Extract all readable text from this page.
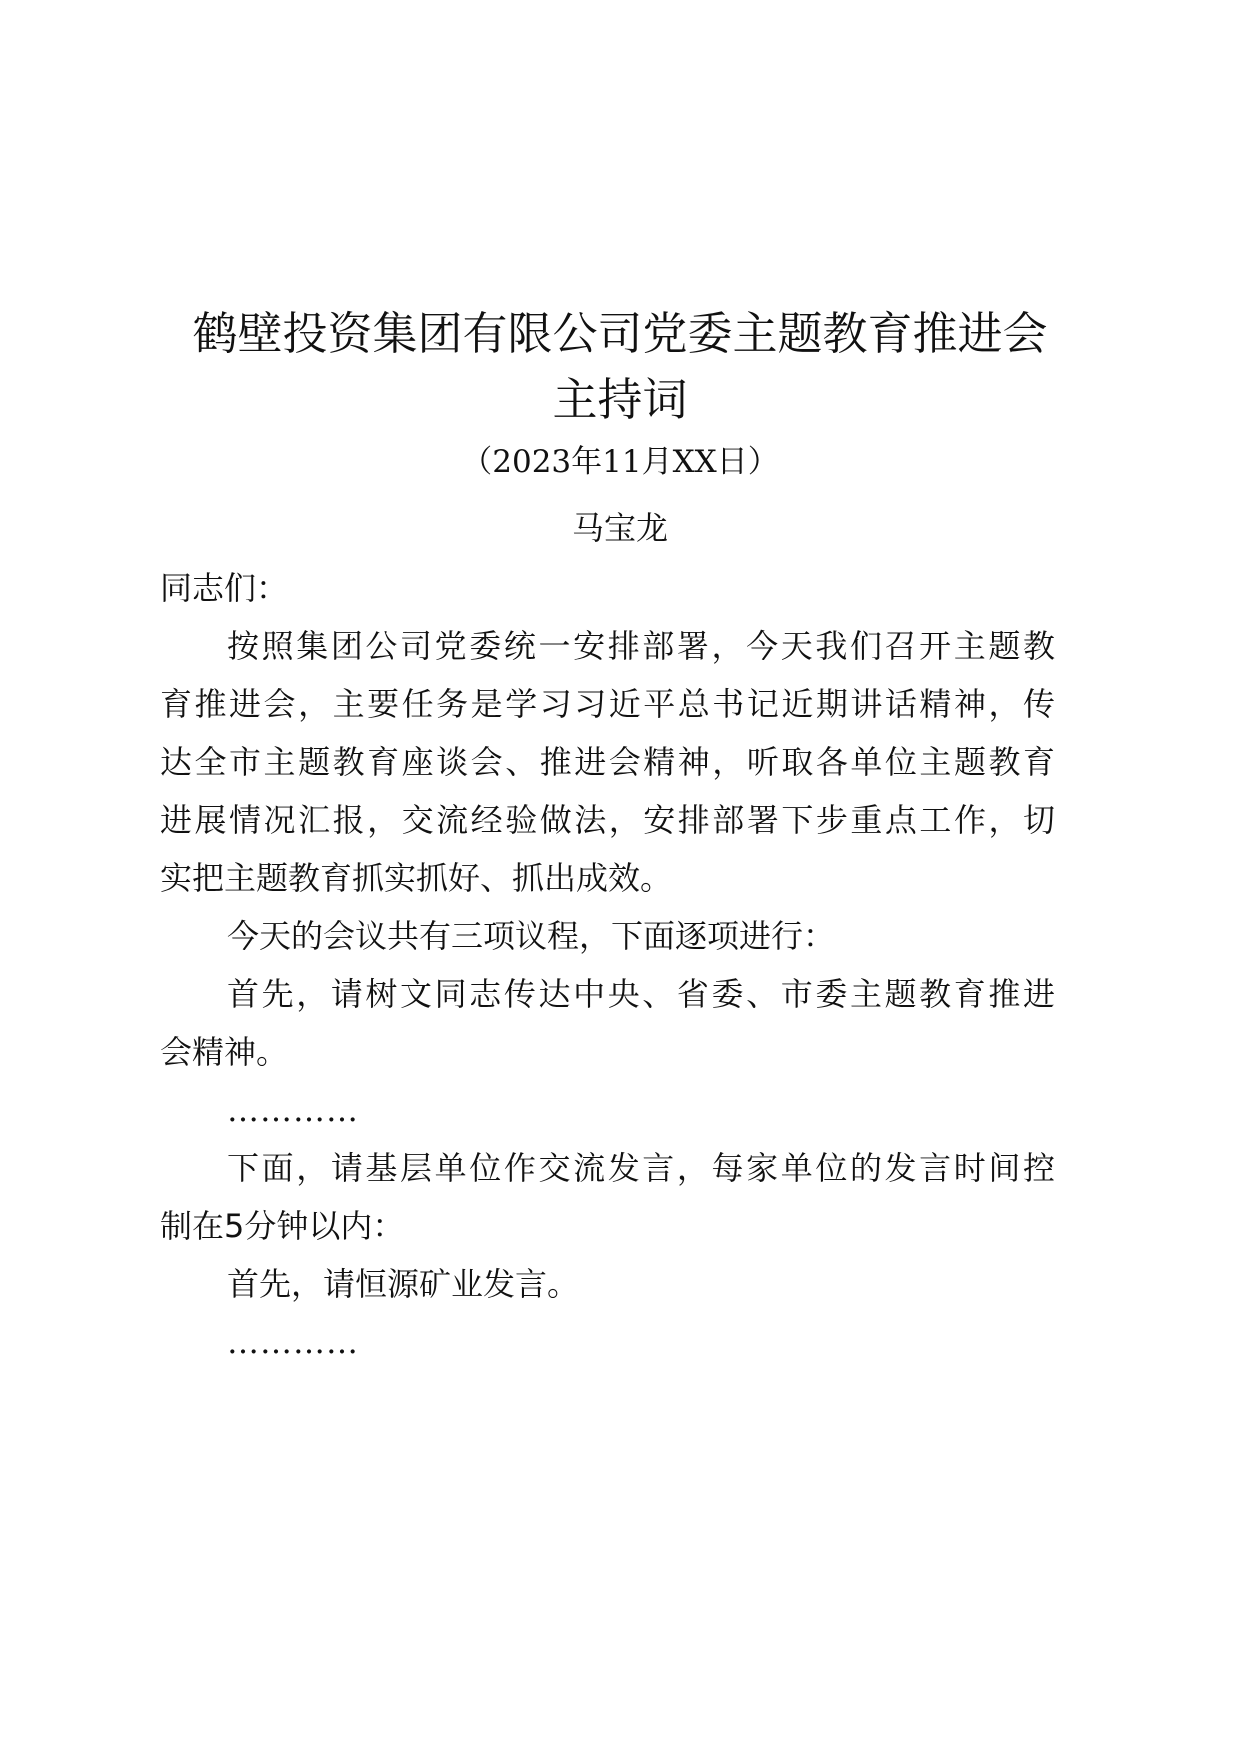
鹤壁投资集团有限公司党委主题教育推进会
主持词
（2023年11月XX日）
马宝龙
同志们：
按照集团公司党委统一安排部署，今天我们召开主题教
育推进会，主要任务是学习习近平总书记近期讲话精神，传
达全市主题教育座谈会、推进会精神，听取各单位主题教育
进展情况汇报，交流经验做法，安排部署下步重点工作，切
实把主题教育抓实抓好、抓出成效。
今天的会议共有三项议程，下面逐项进行：
首先，请树文同志传达中央、省委、市委主题教育推进
会精神。
…………
下面，请基层单位作交流发言，每家单位的发言时间控
制在5分钟以内：
首先，请恒源矿业发言。
…………
